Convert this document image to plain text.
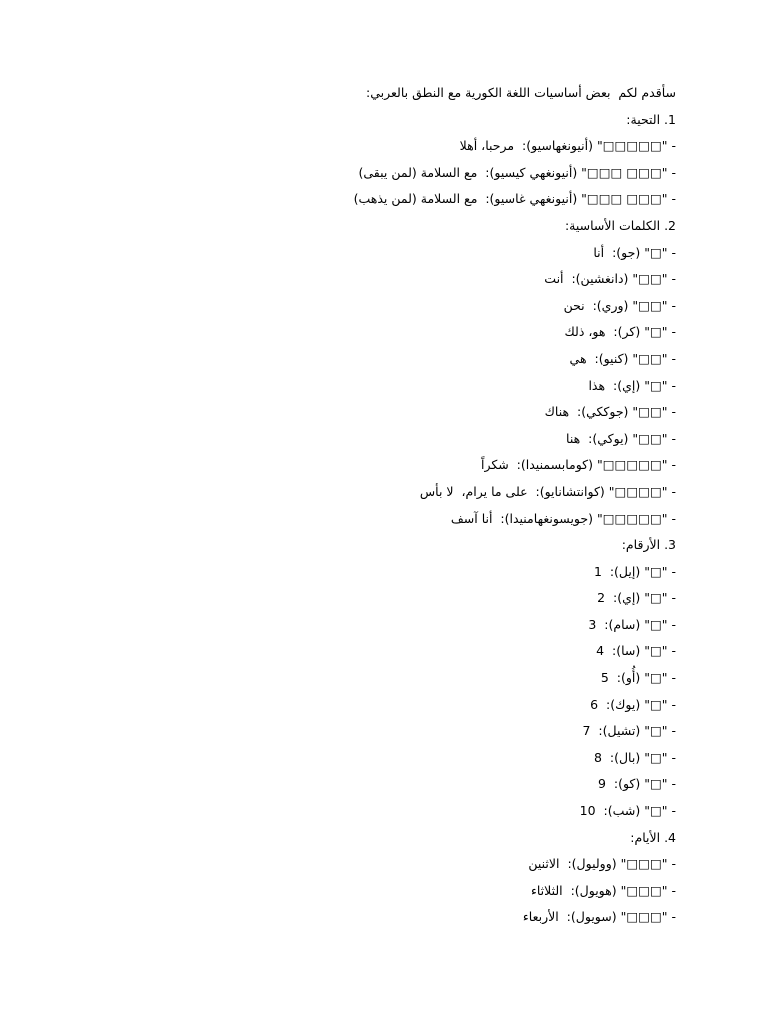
سأقدم لكم  بعض أساسيات اللغة الكورية مع النطق بالعربي:
1. التحية:
- "□□□□□" (أنيونغهاسيو):  مرحبا، أهلا
- "□□□ □□□" (أنيونغهي كيسيو):  مع السلامة (لمن يبقى)
- "□□□ □□□" (أنيونغهي غاسيو):  مع السلامة (لمن يذهب)
2. الكلمات الأساسية:
- "□" (جو):  أنا
- "□□" (دانغشين):  أنت
- "□□" (وري):  نحن
- "□" (كر):  هو، ذلك
- "□□" (كنيو):  هي
- "□" (إي):  هذا
- "□□" (جوككي):  هناك
- "□□" (يوكي):  هنا
- "□□□□□" (كومابسمنيدا):  شكراً
- "□□□□" (كوانتشانايو):  على ما يرام،  لا بأس
- "□□□□□" (جويسونغهامنيدا):  أنا آسف
3. الأرقام:
- "□" (إيل):  1
- "□" (إي):  2
- "□" (سام):  3
- "□" (سا):  4
- "□" (أُو):  5
- "□" (يوك):  6
- "□" (تشيل):  7
- "□" (بال):  8
- "□" (كو):  9
- "□" (شب):  10
4. الأيام:
- "□□□" (ووليول):  الاثنين
- "□□□" (هويول):  الثلاثاء
- "□□□" (سويول):  الأربعاء
